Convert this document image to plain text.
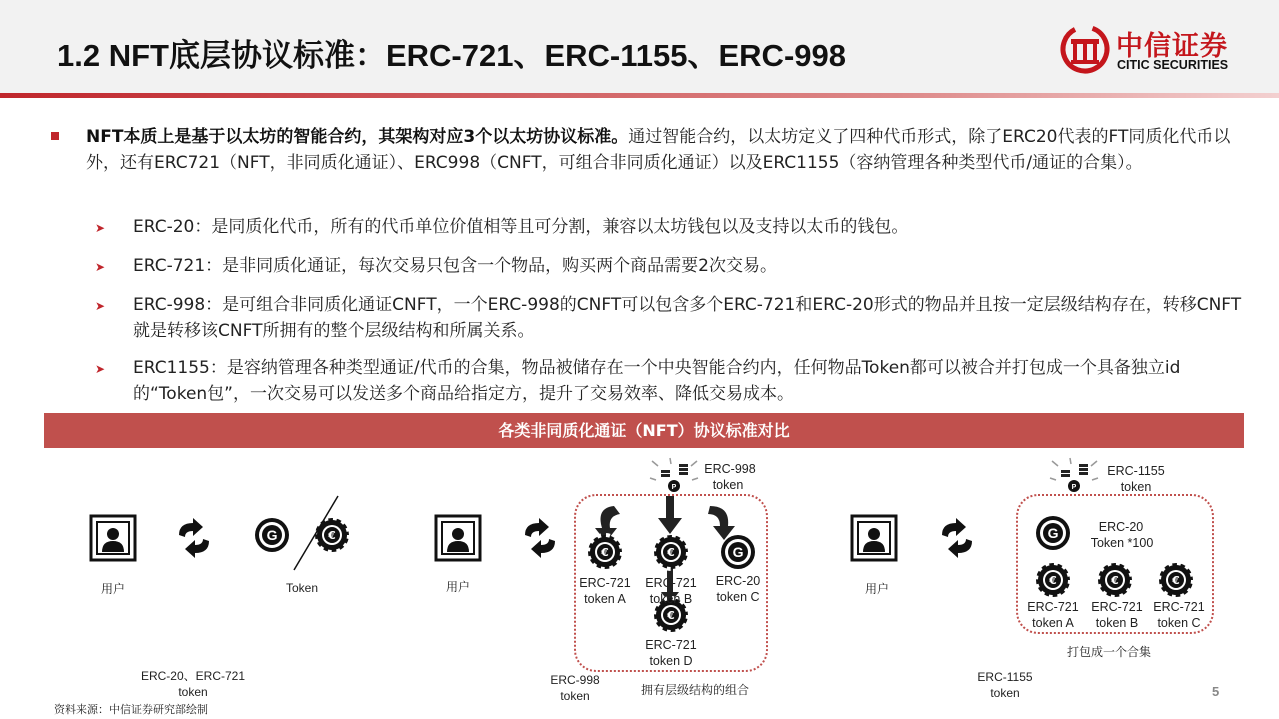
1.2 NFT底层协议标准：ERC-721、ERC-1155、ERC-998	中信证券
CITIC SECURITIES
NFT本质上是基于以太坊的智能合约，其架构对应3个以太坊协议标准。通过智能合约，以太坊定义了四种代币形式，除了ERC20代表的FT同质化代币以外，还有ERC721（NFT，非同质化通证）、ERC998（CNFT，可组合非同质化通证）以及ERC1155（容纳管理各种类型代币/通证的合集）。
➤ ERC-20：是同质化代币，所有的代币单位价值相等且可分割，兼容以太坊钱包以及支持以太币的钱包。
➤ ERC-721：是非同质化通证，每次交易只包含一个物品，购买两个商品需要2次交易。
➤ ERC-998：是可组合非同质化通证CNFT，一个ERC-998的CNFT可以包含多个ERC-721和ERC-20形式的物品并且按一定层级结构存在，转移CNFT就是转移该CNFT所拥有的整个层级结构和所属关系。
➤ ERC1155：是容纳管理各种类型通证/代币的合集，物品被储存在一个中央智能合约内，任何物品Token都可以被合并打包成一个具备独立id的“Token包”，一次交易可以发送多个商品给指定方，提升了交易效率、降低交易成本。
各类非同质化通证（NFT）协议标准对比
用户	Token
ERC-20、ERC-721
token
用户
ERC-998
token
ERC-721
token A
ERC-721
token B
ERC-20
token C
ERC-721
token D
ERC-998
token	拥有层级结构的组合
用户
ERC-1155
token
ERC-20
Token *100
ERC-721
token A
ERC-721
token B
ERC-721
token C
打包成一个合集
ERC-1155
token
资料来源：中信证券研究部绘制
5
